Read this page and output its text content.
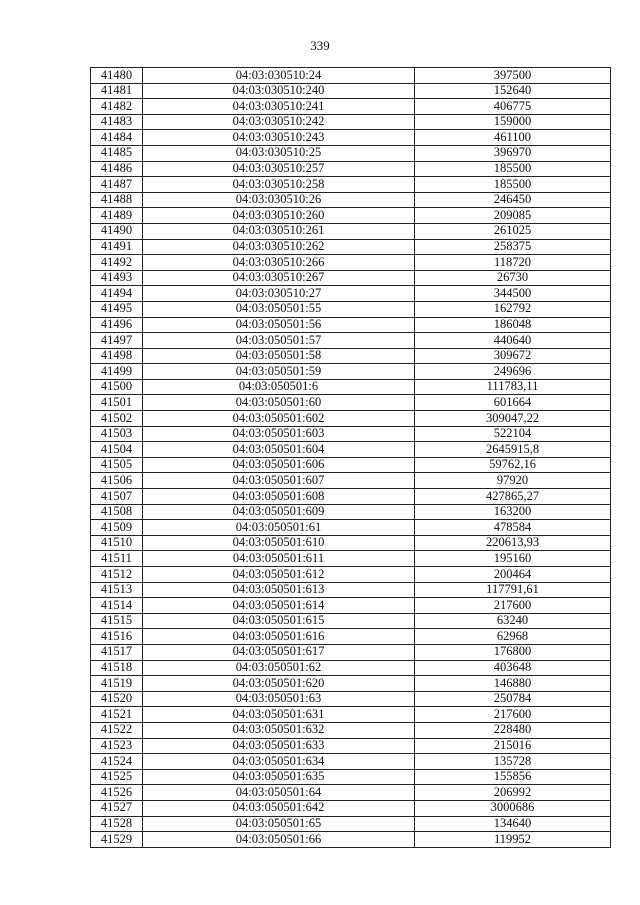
339
41480	04:03:030510:24	397500
41481	04:03:030510:240	152640
41482	04:03:030510:241	406775
41483	04:03:030510:242	159000
41484	04:03:030510:243	461100
41485	04:03:030510:25	396970
41486	04:03:030510:257	185500
41487	04:03:030510:258	185500
41488	04:03:030510:26	246450
41489	04:03:030510:260	209085
41490	04:03:030510:261	261025
41491	04:03:030510:262	258375
41492	04:03:030510:266	118720
41493	04:03:030510:267	26730
41494	04:03:030510:27	344500
41495	04:03:050501:55	162792
41496	04:03:050501:56	186048
41497	04:03:050501:57	440640
41498	04:03:050501:58	309672
41499	04:03:050501:59	249696
41500	04:03:050501:6	111783,11
41501	04:03:050501:60	601664
41502	04:03:050501:602	309047,22
41503	04:03:050501:603	522104
41504	04:03:050501:604	2645915,8
41505	04:03:050501:606	59762,16
41506	04:03:050501:607	97920
41507	04:03:050501:608	427865,27
41508	04:03:050501:609	163200
41509	04:03:050501:61	478584
41510	04:03:050501:610	220613,93
41511	04:03:050501:611	195160
41512	04:03:050501:612	200464
41513	04:03:050501:613	117791,61
41514	04:03:050501:614	217600
41515	04:03:050501:615	63240
41516	04:03:050501:616	62968
41517	04:03:050501:617	176800
41518	04:03:050501:62	403648
41519	04:03:050501:620	146880
41520	04:03:050501:63	250784
41521	04:03:050501:631	217600
41522	04:03:050501:632	228480
41523	04:03:050501:633	215016
41524	04:03:050501:634	135728
41525	04:03:050501:635	155856
41526	04:03:050501:64	206992
41527	04:03:050501:642	3000686
41528	04:03:050501:65	134640
41529	04:03:050501:66	119952
